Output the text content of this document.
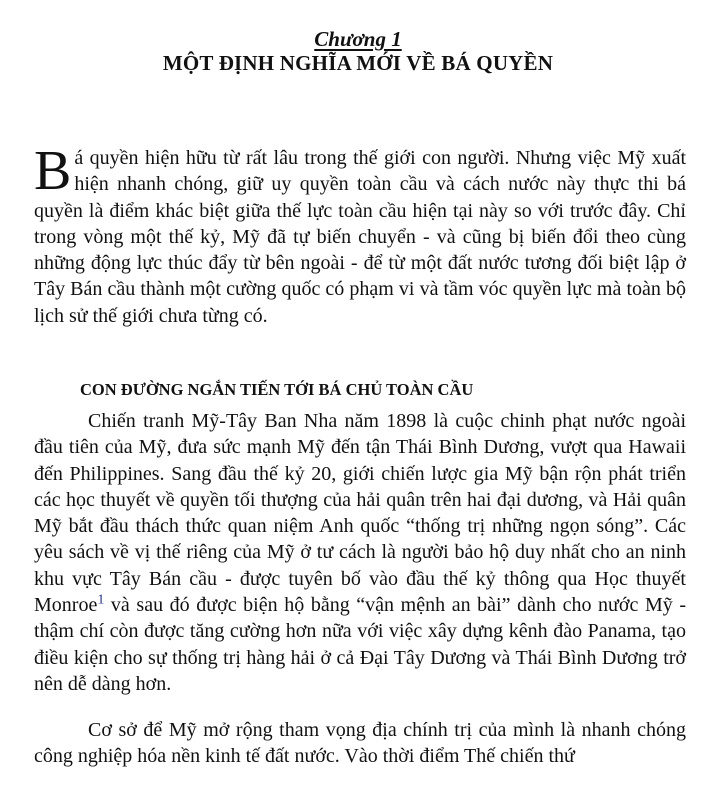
Chương 1
MỘT ĐỊNH NGHĨA MỚI VỀ BÁ QUYỀN
Bá quyền hiện hữu từ rất lâu trong thế giới con người. Nhưng việc Mỹ xuất hiện nhanh chóng, giữ uy quyền toàn cầu và cách nước này thực thi bá quyền là điểm khác biệt giữa thế lực toàn cầu hiện tại này so với trước đây. Chỉ trong vòng một thế kỷ, Mỹ đã tự biến chuyển - và cũng bị biến đổi theo cùng những động lực thúc đẩy từ bên ngoài - để từ một đất nước tương đối biệt lập ở Tây Bán cầu thành một cường quốc có phạm vi và tầm vóc quyền lực mà toàn bộ lịch sử thế giới chưa từng có.
CON ĐƯỜNG NGẮN TIẾN TỚI BÁ CHỦ TOÀN CẦU
Chiến tranh Mỹ-Tây Ban Nha năm 1898 là cuộc chinh phạt nước ngoài đầu tiên của Mỹ, đưa sức mạnh Mỹ đến tận Thái Bình Dương, vượt qua Hawaii đến Philippines. Sang đầu thế kỷ 20, giới chiến lược gia Mỹ bận rộn phát triển các học thuyết về quyền tối thượng của hải quân trên hai đại dương, và Hải quân Mỹ bắt đầu thách thức quan niệm Anh quốc “thống trị những ngọn sóng”. Các yêu sách về vị thế riêng của Mỹ ở tư cách là người bảo hộ duy nhất cho an ninh khu vực Tây Bán cầu - được tuyên bố vào đầu thế kỷ thông qua Học thuyết Monroe$^1$ và sau đó được biện hộ bằng “vận mệnh an bài” dành cho nước Mỹ - thậm chí còn được tăng cường hơn nữa với việc xây dựng kênh đào Panama, tạo điều kiện cho sự thống trị hàng hải ở cả Đại Tây Dương và Thái Bình Dương trở nên dễ dàng hơn.
Cơ sở để Mỹ mở rộng tham vọng địa chính trị của mình là nhanh chóng công nghiệp hóa nền kinh tế đất nước. Vào thời điểm Thế chiến thứ
